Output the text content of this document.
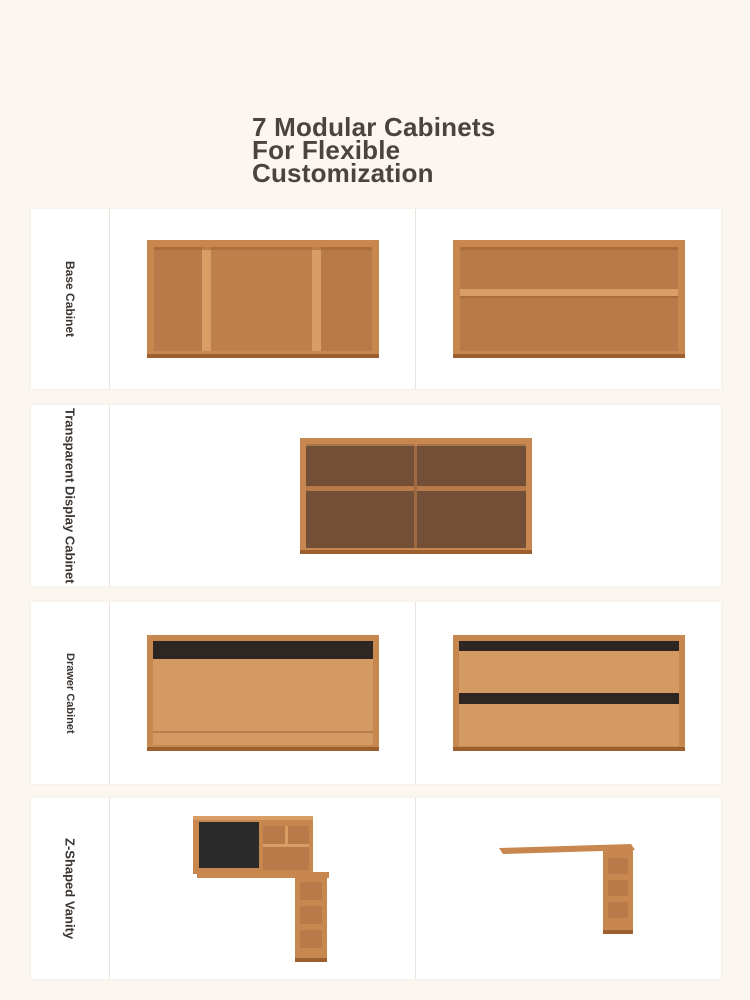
7 Modular Cabinets
For Flexible
Customization
Base Cabinet
Transparent Display Cabinet
Drawer Cabinet
Z-Shaped Vanity
